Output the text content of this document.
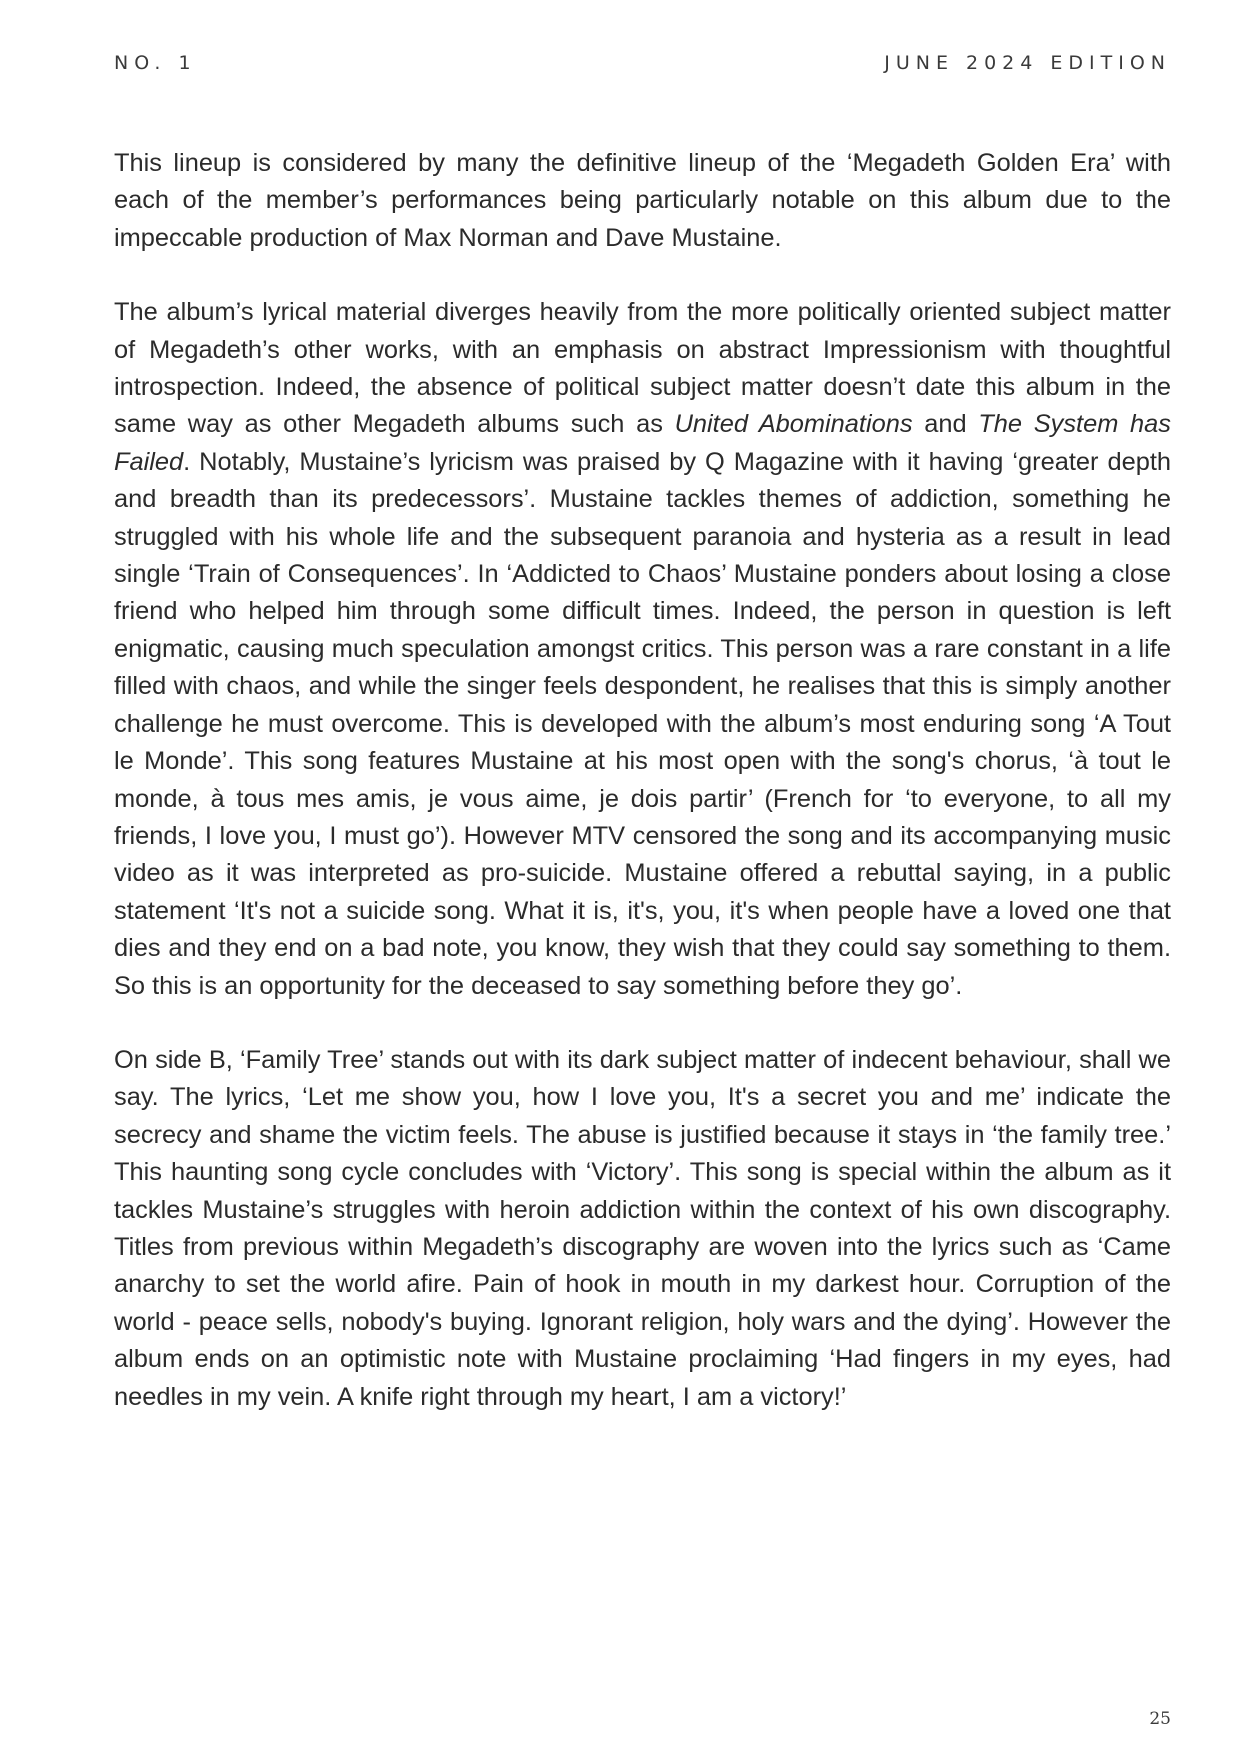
NO. 1	JUNE 2024 EDITION

This lineup is considered by many the definitive lineup of the ‘Megadeth Golden Era’ with each of the member’s performances being particularly notable on this album due to the impeccable production of Max Norman and Dave Mustaine.

The album’s lyrical material diverges heavily from the more politically oriented subject matter of Megadeth’s other works, with an emphasis on abstract Impressionism with thoughtful introspection. Indeed, the absence of political subject matter doesn’t date this album in the same way as other Megadeth albums such as United Abominations and The System has Failed. Notably, Mustaine’s lyricism was praised by Q Magazine with it having ‘greater depth and breadth than its predecessors’. Mustaine tackles themes of addiction, something he struggled with his whole life and the subsequent paranoia and hysteria as a result in lead single ‘Train of Consequences’. In ‘Addicted to Chaos’ Mustaine ponders about losing a close friend who helped him through some difficult times. Indeed, the person in question is left enigmatic, causing much speculation amongst critics. This person was a rare constant in a life filled with chaos, and while the singer feels despondent, he realises that this is simply another challenge he must overcome. This is developed with the album’s most enduring song ‘A Tout le Monde’. This song features Mustaine at his most open with the song's chorus, ‘à tout le monde, à tous mes amis, je vous aime, je dois partir’ (French for ‘to everyone, to all my friends, I love you, I must go’). However MTV censored the song and its accompanying music video as it was interpreted as pro-suicide. Mustaine offered a rebuttal saying, in a public statement ‘It's not a suicide song. What it is, it's, you, it's when people have a loved one that dies and they end on a bad note, you know, they wish that they could say something to them. So this is an opportunity for the deceased to say something before they go’.

On side B, ‘Family Tree’ stands out with its dark subject matter of indecent behaviour, shall we say. The lyrics, ‘Let me show you, how I love you, It's a secret you and me’ indicate the secrecy and shame the victim feels. The abuse is justified because it stays in ‘the family tree.’ This haunting song cycle concludes with ‘Victory’. This song is special within the album as it tackles Mustaine’s struggles with heroin addiction within the context of his own discography. Titles from previous within Megadeth’s discography are woven into the lyrics such as ‘Came anarchy to set the world afire. Pain of hook in mouth in my darkest hour. Corruption of the world - peace sells, nobody's buying. Ignorant religion, holy wars and the dying’. However the album ends on an optimistic note with Mustaine proclaiming ‘Had fingers in my eyes, had needles in my vein. A knife right through my heart, I am a victory!’

25
